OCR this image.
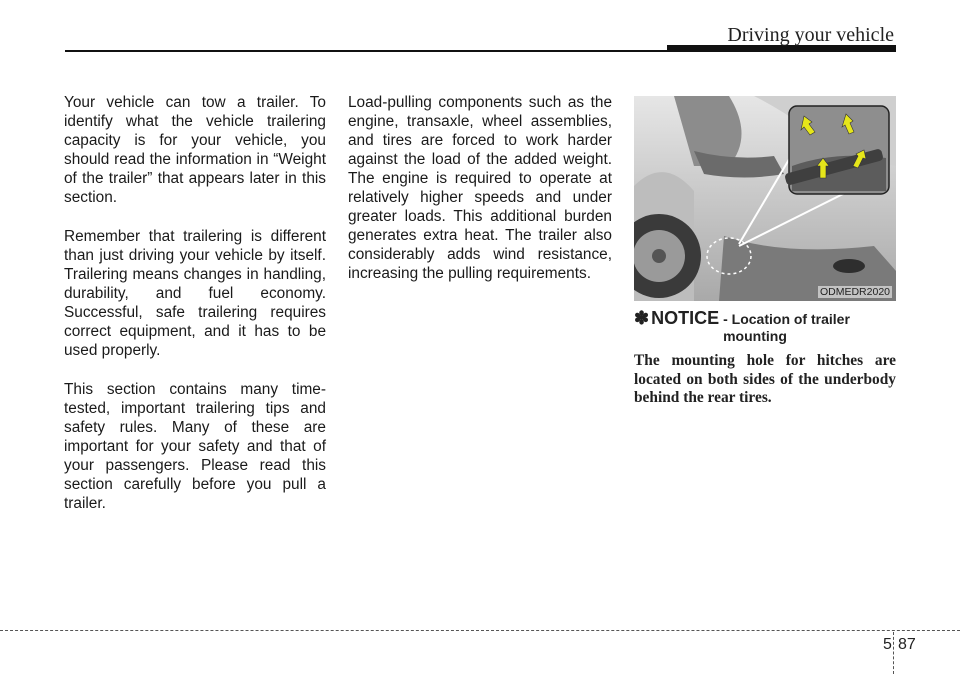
Driving your vehicle

Your vehicle can tow a trailer. To identify what the vehicle trailering capacity is for your vehicle, you should read the information in “Weight of the trailer” that appears later in this section.

Remember that trailering is different than just driving your vehicle by itself. Trailering means changes in handling, durability, and fuel economy. Successful, safe trailering requires correct equipment, and it has to be used properly.

This section contains many time-tested, important trailering tips and safety rules. Many of these are important for your safety and that of your passengers. Please read this section carefully before you pull a trailer.

Load-pulling components such as the engine, transaxle, wheel assemblies, and tires are forced to work harder against the load of the added weight. The engine is required to operate at relatively higher speeds and under greater loads. This additional burden generates extra heat. The trailer also considerably adds wind resistance, increasing the pulling requirements.

ODMEDR2020
✽ NOTICE - Location of trailer mounting

The mounting hole for hitches are located on both sides of the underbody behind the rear tires.

5 87
